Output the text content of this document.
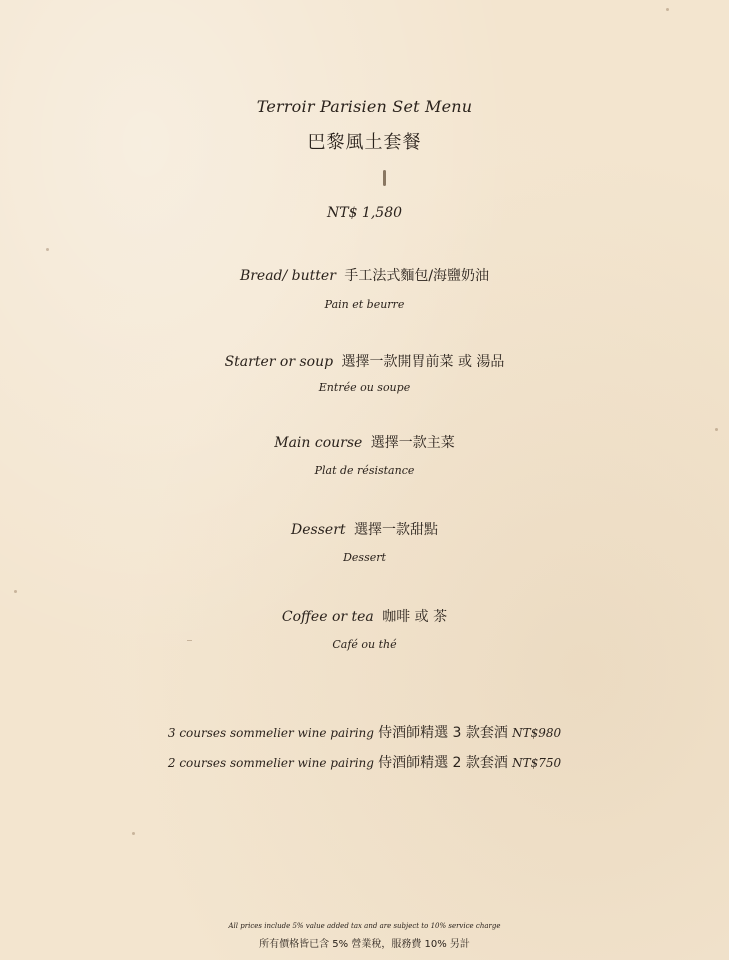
Terroir Parisien Set Menu
巴黎風土套餐
NT$ 1,580
Bread/ butter 手工法式麵包/海鹽奶油
Pain et beurre
Starter or soup 選擇一款開胃前菜 或 湯品
Entrée ou soupe
Main course 選擇一款主菜
Plat de résistance
Dessert 選擇一款甜點
Dessert
Coffee or tea 咖啡 或 茶
Café ou thé
3 courses sommelier wine pairing 侍酒師精選 3 款套酒 NT$980
2 courses sommelier wine pairing 侍酒師精選 2 款套酒 NT$750
All prices include 5% value added tax and are subject to 10% service charge
所有價格皆已含 5% 營業稅，服務費 10% 另計
